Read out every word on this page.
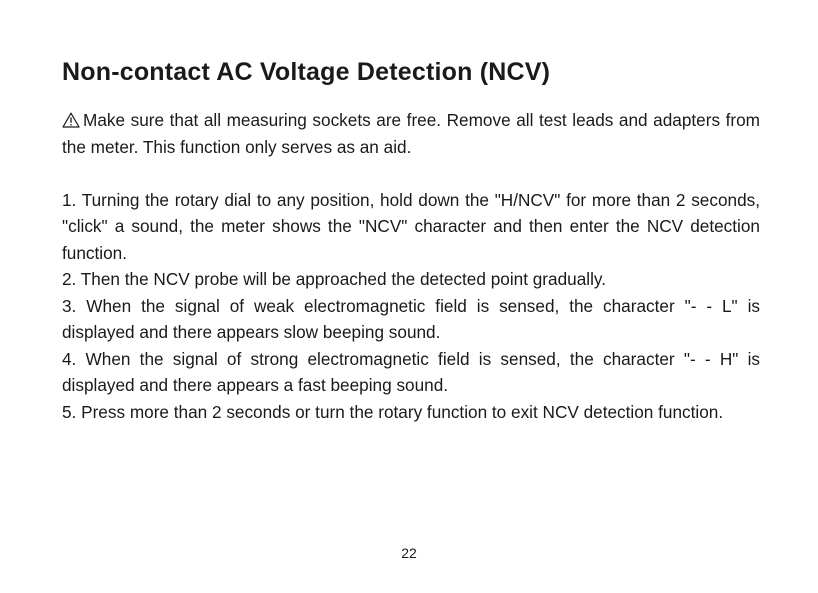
Non-contact AC Voltage Detection (NCV)

Make sure that all measuring sockets are free. Remove all test leads and adapters from the meter. This function only serves as an aid.

1. Turning the rotary dial to any position, hold down the "H/NCV" for more than 2 seconds, "click" a sound, the meter shows the "NCV" character and then enter the NCV detection function.

2. Then the NCV probe will be approached the detected point gradually.

3. When the signal of weak electromagnetic field is sensed, the character "- - L" is displayed and there appears slow beeping sound.

4. When the signal of strong electromagnetic field is sensed, the character "- - H" is displayed and there appears a fast beeping sound.

5. Press more than 2 seconds or turn the rotary function to exit NCV detection function.

22
